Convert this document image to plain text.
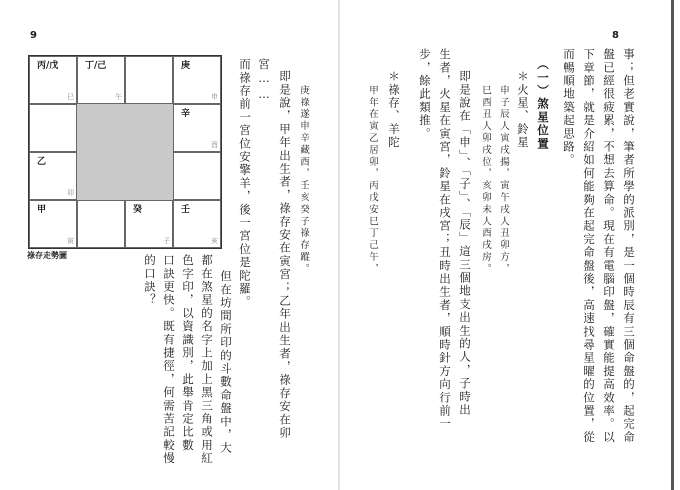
9
丙/戊
巳
丁/己
午
庚
申
辛
酉
乙
卯
甲
寅
癸
子
壬
亥
祿存走勢圖
宮……
而祿存前一宮位安擎羊，後一宮位是陀羅。
但在坊間所印的斗數命盤中，大
都在煞星的名字上加上黑三角或用紅
色字印，以資識別，此舉肯定比數
口訣更快。既有捷徑，何需苦記較慢
的口訣？
8
事；但老實說，筆者所學的派別，是一個時辰有三個命盤的，起完命
盤已經很疲累，不想去算命。現在有電腦印盤，確實能提高效率。以
下章節，就是介紹如何能夠在起完命盤後，高速找尋星曜的位置，從
而暢順地築起思路。
（一）煞星位置
＊火星、鈴星
申子辰人寅戌揚，寅午戌人丑卯方，
巳酉丑人卯戌位，亥卯未人酉戌房。
即是說在「申」、「子」、「辰」這三個地支出生的人，子時出
生者，火星在寅宮，鈴星在戌宮；丑時出生者，順時針方向行前一
步，餘此類推。
＊祿存、羊陀
甲年在寅乙居卯，丙戊安巳丁己午，
庚祿遂申辛藏酉，壬亥癸子祿存蹤。
即是說，甲年出生者，祿存安在寅宮；乙年出生者，祿存安在卯
